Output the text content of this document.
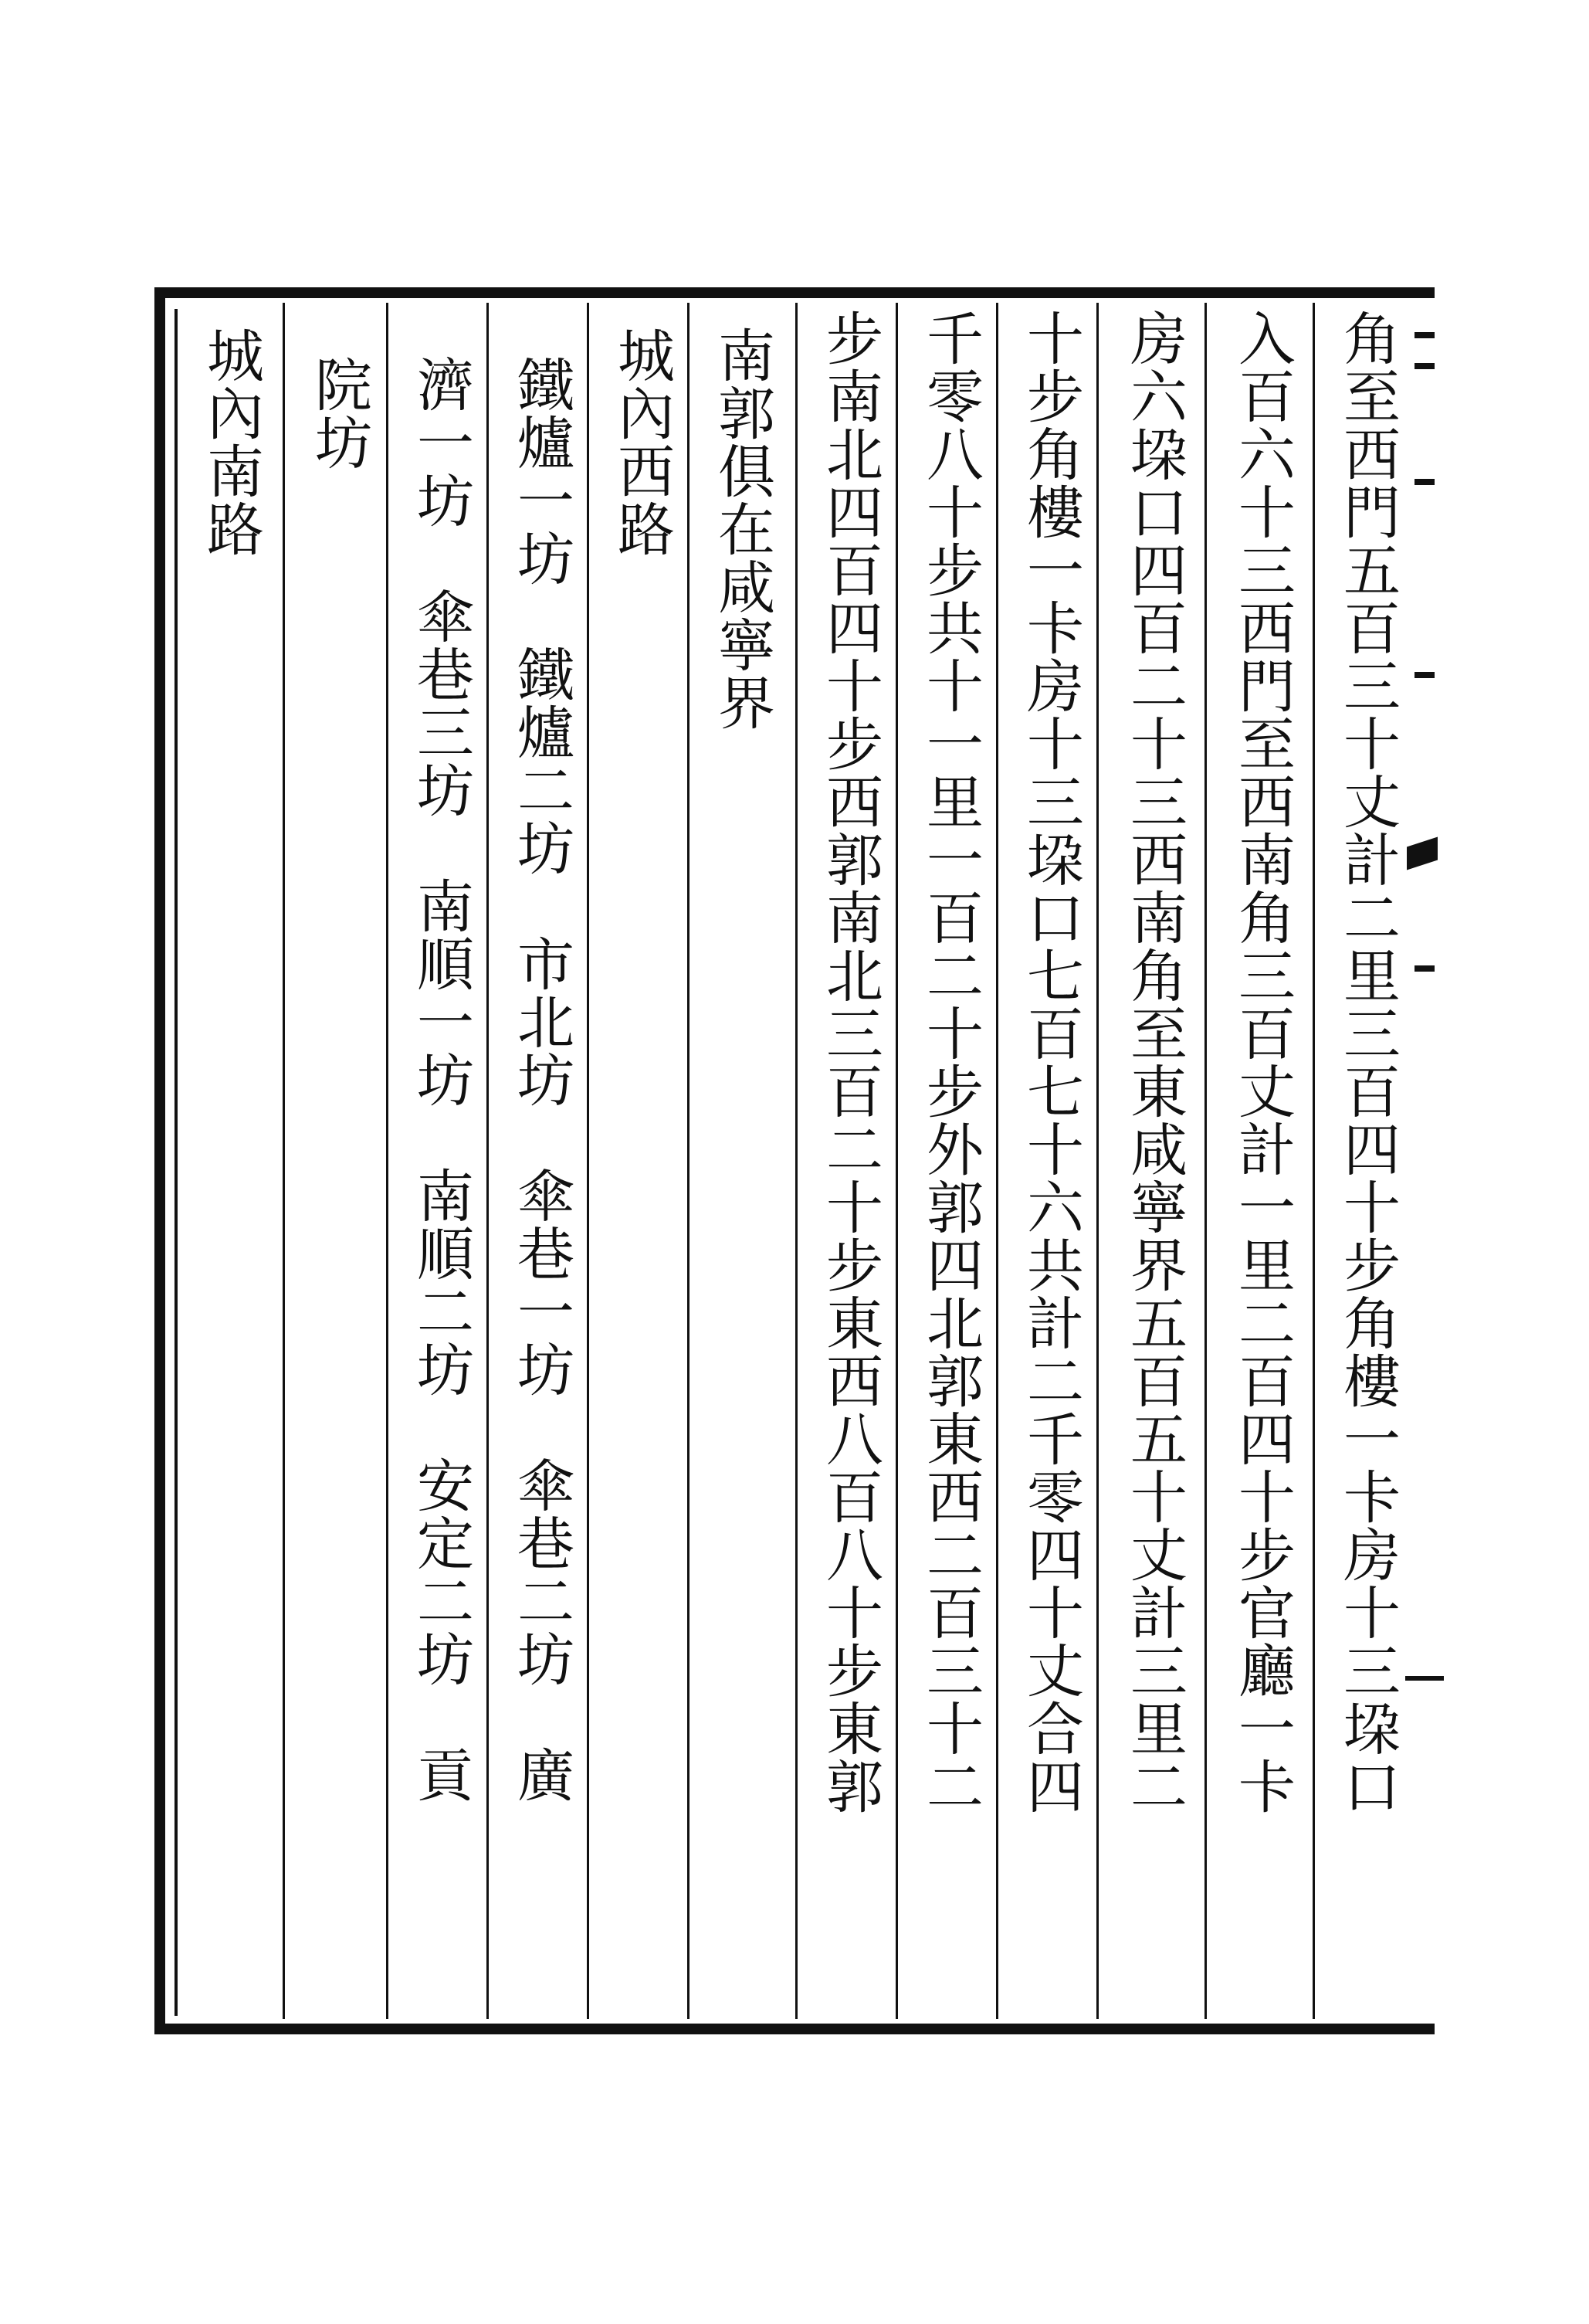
角至西門五百三十丈計二里三百四十步角樓一卡房十三垜口
入百六十三西門至西南角三百丈計一里二百四十步官廳一卡
房六垜口四百二十三西南角至東咸寧界五百五十丈計三里二
十步角樓一卡房十三垜口七百七十六共計二千零四十丈合四
千零八十步共十一里一百二十步外郭四北郭東西二百三十二
步南北四百四十步西郭南北三百二十步東西八百八十步東郭
南郭俱在咸寧界
城內西路
鐵爐一坊　鐵爐二坊　市北坊　傘巷一坊　傘巷二坊　廣
濟一坊　傘巷三坊　南順一坊　南順二坊　安定二坊　貢
院坊
城內南路
